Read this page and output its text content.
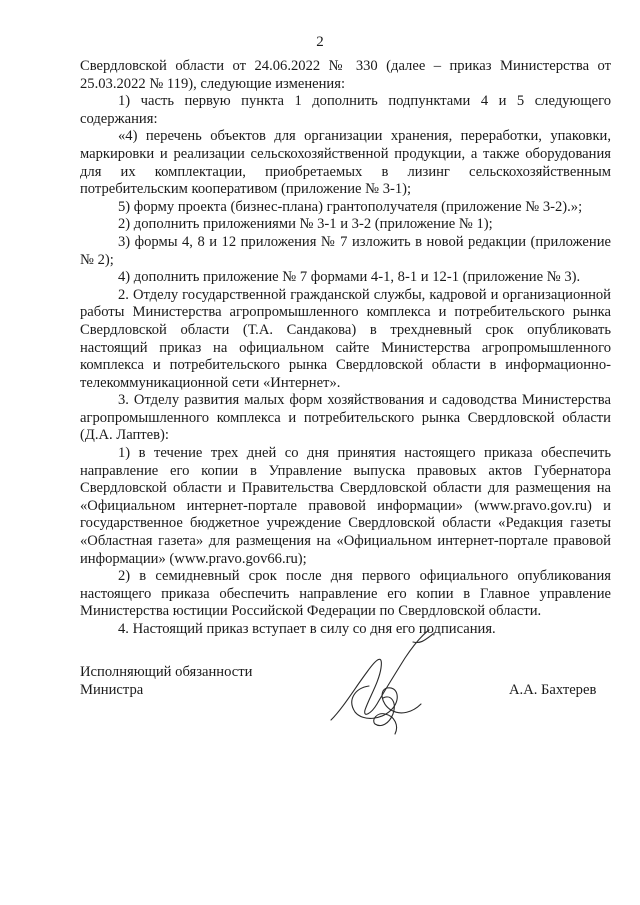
2

Свердловской области от 24.06.2022 № 330 (далее – приказ Министерства от 25.03.2022 № 119), следующие изменения:

1) часть первую пункта 1 дополнить подпунктами 4 и 5 следующего содержания:

«4) перечень объектов для организации хранения, переработки, упаковки, маркировки и реализации сельскохозяйственной продукции, а также оборудования для их комплектации, приобретаемых в лизинг сельскохозяйственным потребительским кооперативом (приложение № 3-1);

5) форму проекта (бизнес-плана) грантополучателя (приложение № 3-2).»;

2) дополнить приложениями № 3-1 и 3-2 (приложение № 1);

3) формы 4, 8 и 12 приложения № 7 изложить в новой редакции (приложение № 2);

4) дополнить приложение № 7 формами 4-1, 8-1 и 12-1 (приложение № 3).

2. Отделу государственной гражданской службы, кадровой и организационной работы Министерства агропромышленного комплекса и потребительского рынка Свердловской области (Т.А. Сандакова) в трехдневный срок опубликовать настоящий приказ на официальном сайте Министерства агропромышленного комплекса и потребительского рынка Свердловской области в информационно-телекоммуникационной сети «Интернет».

3. Отделу развития малых форм хозяйствования и садоводства Министерства агропромышленного комплекса и потребительского рынка Свердловской области (Д.А. Лаптев):

1) в течение трех дней со дня принятия настоящего приказа обеспечить направление его копии в Управление выпуска правовых актов Губернатора Свердловской области и Правительства Свердловской области для размещения на «Официальном интернет-портале правовой информации» (www.pravo.gov.ru) и государственное бюджетное учреждение Свердловской области «Редакция газеты «Областная газета» для размещения на «Официальном интернет-портале правовой информации» (www.pravo.gov66.ru);

2) в семидневный срок после дня первого официального опубликования настоящего приказа обеспечить направление его копии в Главное управление Министерства юстиции Российской Федерации по Свердловской области.

4. Настоящий приказ вступает в силу со дня его подписания.

Исполняющий обязанности
Министра	А.А. Бахтерев
